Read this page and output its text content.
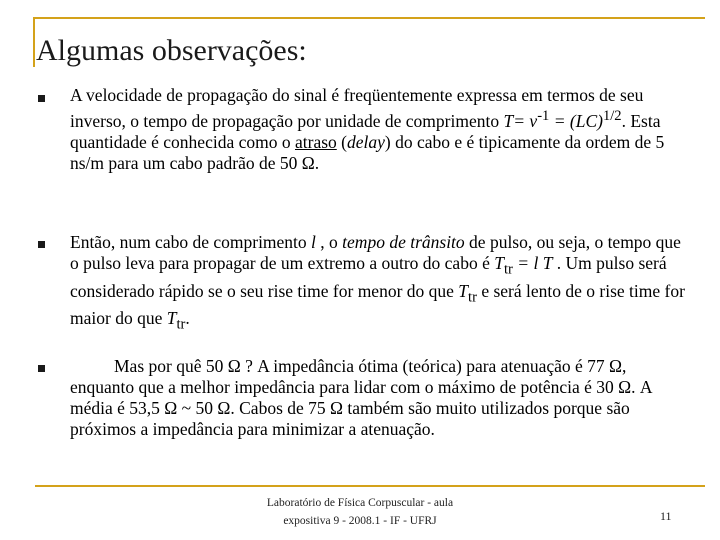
Algumas observações:
A velocidade de propagação do sinal é freqüentemente expressa em termos de seu inverso, o tempo de propagação por unidade de comprimento $T= v^{-1} = (LC)^{1/2}$. Esta quantidade é conhecida como o atraso (delay) do cabo e é tipicamente da ordem de 5 ns/m para um cabo padrão de 50 Ω.
Então, num cabo de comprimento l , o tempo de trânsito de pulso, ou seja, o tempo que o pulso leva para propagar de um extremo a outro do cabo é $T_{tr} = l$ T . Um pulso será considerado rápido se o seu rise time for menor do que $T_{tr}$ e será lento de o rise time for maior do que $T_{tr}$.
Mas por quê 50 Ω ? A impedância ótima (teórica) para atenuação é 77 Ω, enquanto que a melhor impedância para lidar com o máximo de potência é 30 Ω. A média é 53,5 Ω ~ 50 Ω. Cabos de 75 Ω também são muito utilizados porque são próximos a impedância para minimizar a atenuação.
Laboratório de Física Corpuscular - aula
expositiva 9 - 2008.1 - IF - UFRJ	11
